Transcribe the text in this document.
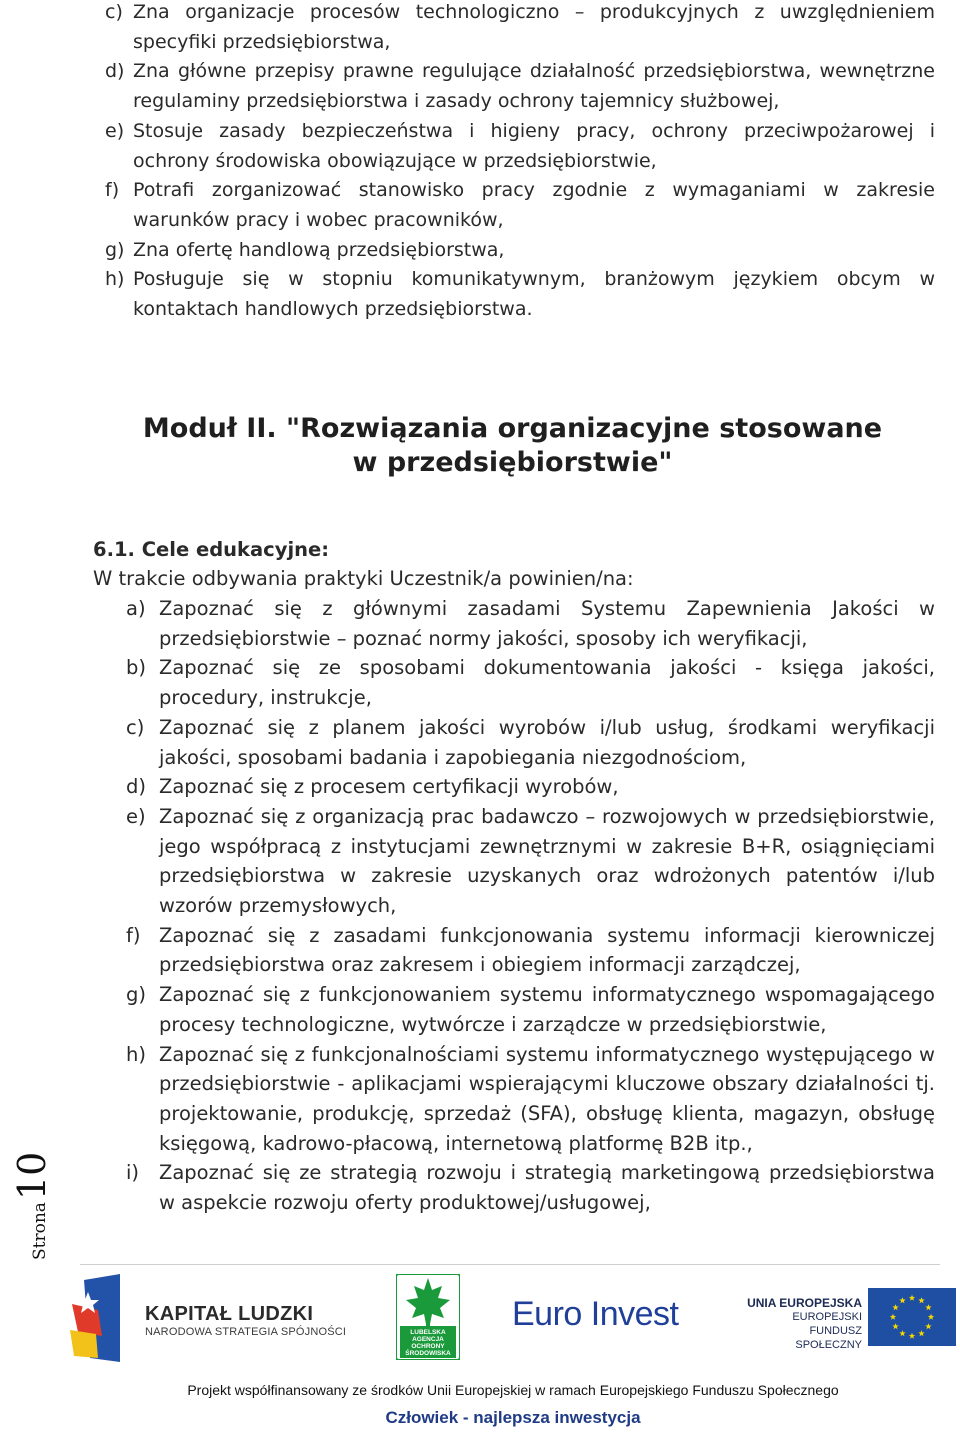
c) Zna organizacje procesów technologiczno – produkcyjnych z uwzględnieniem specyfiki przedsiębiorstwa,
d) Zna główne przepisy prawne regulujące działalność przedsiębiorstwa, wewnętrzne regulaminy przedsiębiorstwa i zasady ochrony tajemnicy służbowej,
e) Stosuje zasady bezpieczeństwa i higieny pracy, ochrony przeciwpożarowej i ochrony środowiska obowiązujące w przedsiębiorstwie,
f) Potrafi zorganizować stanowisko pracy zgodnie z wymaganiami w zakresie warunków pracy i wobec pracowników,
g) Zna ofertę handlową przedsiębiorstwa,
h) Posługuje się w stopniu komunikatywnym, branżowym językiem obcym w kontaktach handlowych przedsiębiorstwa.
Moduł II. "Rozwiązania organizacyjne stosowane
w przedsiębiorstwie"

6.1. Cele edukacyjne:

W trakcie odbywania praktyki Uczestnik/a powinien/na:

a) Zapoznać się z głównymi zasadami Systemu Zapewnienia Jakości w przedsiębiorstwie – poznać normy jakości, sposoby ich weryfikacji,
b) Zapoznać się ze sposobami dokumentowania jakości - księga jakości, procedury, instrukcje,
c) Zapoznać się z planem jakości wyrobów i/lub usług, środkami weryfikacji jakości, sposobami badania i zapobiegania niezgodnościom,
d) Zapoznać się z procesem certyfikacji wyrobów,
e) Zapoznać się z organizacją prac badawczo – rozwojowych w przedsiębiorstwie, jego współpracą z instytucjami zewnętrznymi w zakresie B+R, osiągnięciami przedsiębiorstwa w zakresie uzyskanych oraz wdrożonych patentów i/lub wzorów przemysłowych,
f) Zapoznać się z zasadami funkcjonowania systemu informacji kierowniczej przedsiębiorstwa oraz zakresem i obiegiem informacji zarządczej,
g) Zapoznać się z funkcjonowaniem systemu informatycznego wspomagającego procesy technologiczne, wytwórcze i zarządcze w przedsiębiorstwie,
h) Zapoznać się z funkcjonalnościami systemu informatycznego występującego w przedsiębiorstwie - aplikacjami wspierającymi kluczowe obszary działalności tj. projektowanie, produkcję, sprzedaż (SFA), obsługę klienta, magazyn, obsługę księgową, kadrowo-płacową, internetową platformę B2B itp.,
i) Zapoznać się ze strategią rozwoju i strategią marketingową przedsiębiorstwa w aspekcie rozwoju oferty produktowej/usługowej,
Strona10
KAPITAŁ LUDZKI
NARODOWA STRATEGIA SPÓJNOŚCI	LUBELSKA
AGENCJA
OCHRONY
ŚRODOWISKA
Euro Invest	UNIA EUROPEJSKA
EUROPEJSKI
FUNDUSZ SPOŁECZNY
Projekt współfinansowany ze środków Unii Europejskiej w ramach Europejskiego Funduszu Społecznego
Człowiek - najlepsza inwestycja
